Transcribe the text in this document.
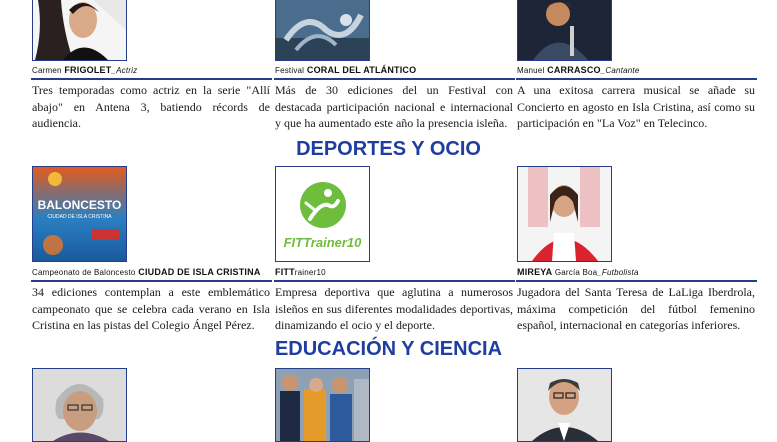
Carmen FRIGOLET_Actriz	Festival CORAL DEL ATLÁNTICO	Manuel CARRASCO_Cantante

Tres temporadas como actriz en la serie "Allí abajo" en Antena 3, batiendo récords de audiencia.

Más de 30 ediciones del un Festival con destacada participación nacional e internacional y que ha aumentado este año la presencia isleña.

A una exitosa carrera musical se añade su Concierto en agosto en Isla Cristina, así como su participación en "La Voz" en Telecinco.

DEPORTES Y OCIO
BALONCESTO
CIUDAD DE ISLA CRISTINA
FITTrainer10
Campeonato de Baloncesto CIUDAD DE ISLA CRISTINA FITTrainer10	MIREYA García Boa_Futbolista

34 ediciones contemplan a este emblemático campeonato que se celebra cada verano en Isla Cristina en las pistas del Colegio Ángel Pérez.

Empresa deportiva que aglutina a numerosos isleños en sus diferentes modalidades deportivas, dinamizando el ocio y el deporte.

Jugadora del Santa Teresa de LaLiga Iberdrola, máxima competición del fútbol femenino español, internacional en categorías inferiores.

EDUCACIÓN Y CIENCIA
